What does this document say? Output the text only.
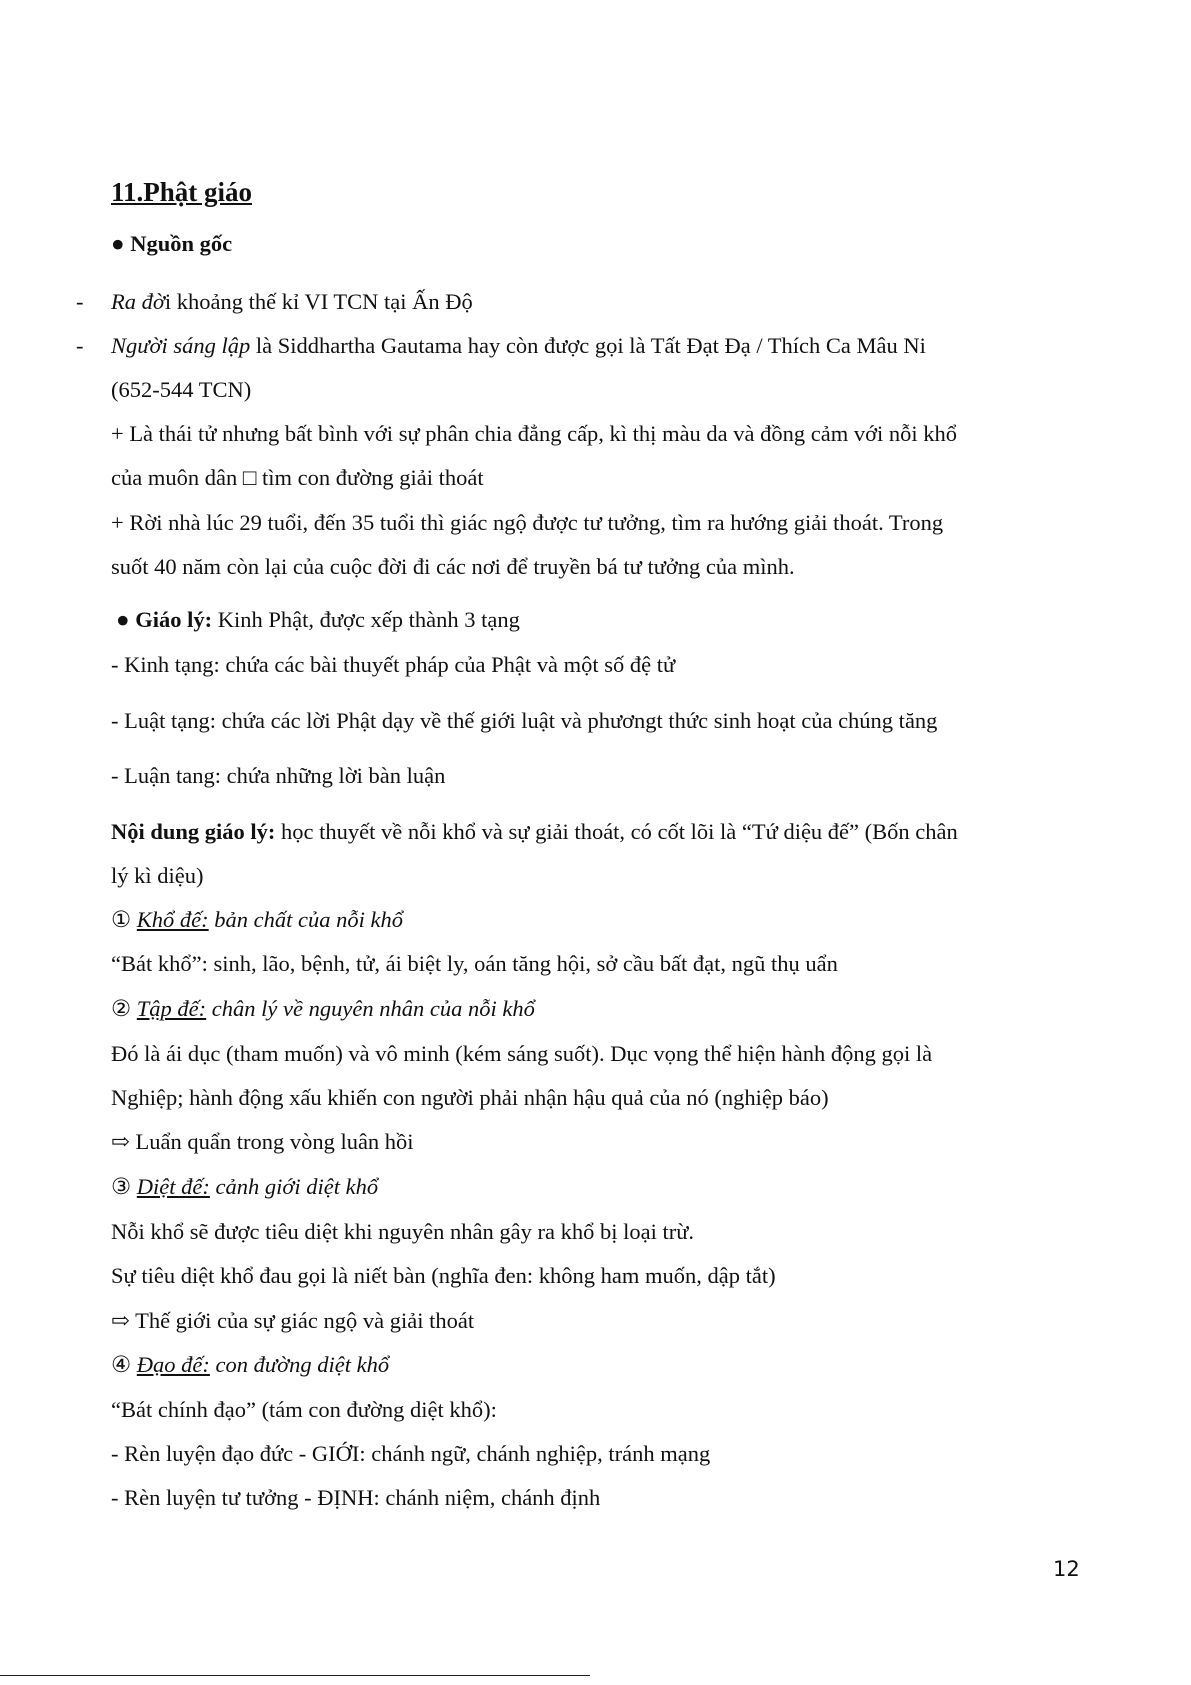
11.Phật giáo
● Nguồn gốc
- Ra đời khoảng thế kỉ VI TCN tại Ấn Độ
- Người sáng lập là Siddhartha Gautama hay còn được gọi là Tất Đạt Đạ / Thích Ca Mâu Ni
(652-544 TCN)
+ Là thái tử nhưng bất bình với sự phân chia đẳng cấp, kì thị màu da và đồng cảm với nỗi khổ
của muôn dân □ tìm con đường giải thoát
+ Rời nhà lúc 29 tuổi, đến 35 tuổi thì giác ngộ được tư tưởng, tìm ra hướng giải thoát. Trong
suốt 40 năm còn lại của cuộc đời đi các nơi để truyền bá tư tưởng của mình.
● Giáo lý: Kinh Phật, được xếp thành 3 tạng
- Kinh tạng: chứa các bài thuyết pháp của Phật và một số đệ tử
- Luật tạng: chứa các lời Phật dạy về thế giới luật và phươngt thức sinh hoạt của chúng tăng
- Luận tang: chứa những lời bàn luận
Nội dung giáo lý: học thuyết về nỗi khổ và sự giải thoát, có cốt lõi là “Tứ diệu đế” (Bốn chân
lý kì diệu)
① Khổ đế: bản chất của nỗi khổ
“Bát khổ”: sinh, lão, bệnh, tử, ái biệt ly, oán tăng hội, sở cầu bất đạt, ngũ thụ uẩn
② Tập đế: chân lý về nguyên nhân của nỗi khổ
Đó là ái dục (tham muốn) và vô minh (kém sáng suốt). Dục vọng thể hiện hành động gọi là
Nghiệp; hành động xấu khiến con người phải nhận hậu quả của nó (nghiệp báo)
⇨ Luẩn quẩn trong vòng luân hồi
③ Diệt đế: cảnh giới diệt khổ
Nỗi khổ sẽ được tiêu diệt khi nguyên nhân gây ra khổ bị loại trừ.
Sự tiêu diệt khổ đau gọi là niết bàn (nghĩa đen: không ham muốn, dập tắt)
⇨ Thế giới của sự giác ngộ và giải thoát
④ Đạo đế: con đường diệt khổ
“Bát chính đạo” (tám con đường diệt khổ):
- Rèn luyện đạo đức - GIỚI: chánh ngữ, chánh nghiệp, tránh mạng
- Rèn luyện tư tưởng - ĐỊNH: chánh niệm, chánh định
12
